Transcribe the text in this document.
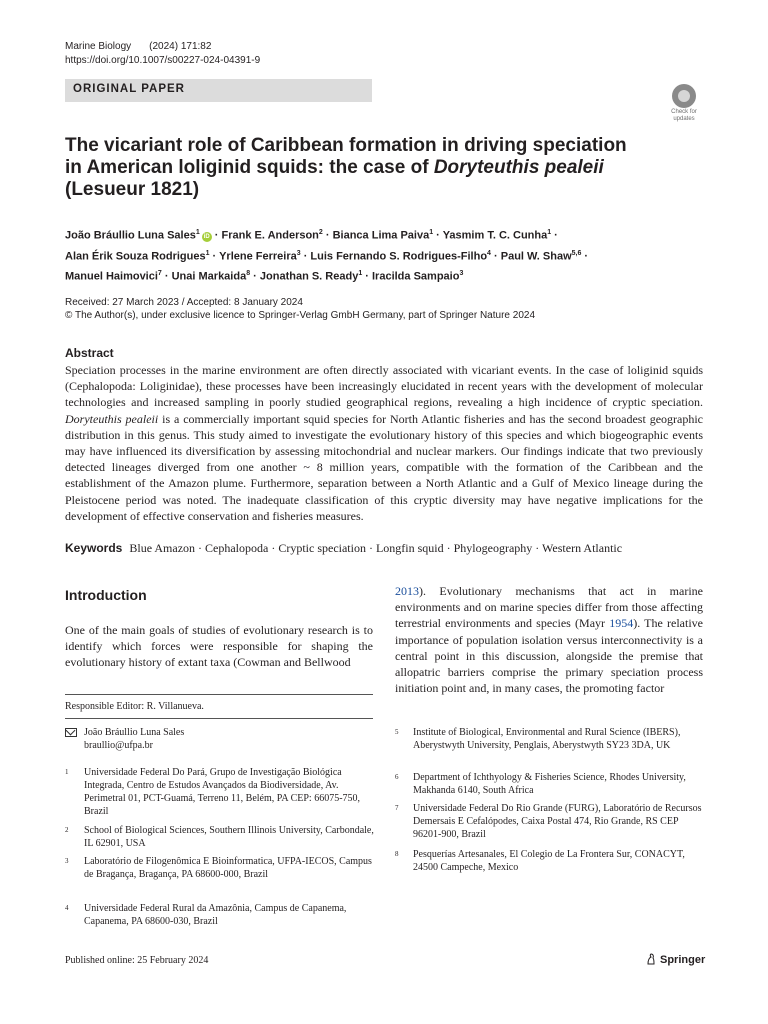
Marine Biology (2024) 171:82
https://doi.org/10.1007/s00227-024-04391-9
ORIGINAL PAPER
Check for
updates
The vicariant role of Caribbean formation in driving speciation in American loliginid squids: the case of Doryteuthis pealeii (Lesueur 1821)
João Bráullio Luna Sales$^1$iD · Frank E. Anderson$^2$ · Bianca Lima Paiva$^1$ · Yasmim T. C. Cunha$^1$ ·
Alan Érik Souza Rodrigues$^1$ · Yrlene Ferreira$^3$ · Luis Fernando S. Rodrigues-Filho$^4$ · Paul W. Shaw$^{5,6}$ ·
Manuel Haimovici$^7$ · Unai Markaida$^8$ · Jonathan S. Ready$^1$ · Iracilda Sampaio$^3$
Received: 27 March 2023 / Accepted: 8 January 2024
© The Author(s), under exclusive licence to Springer-Verlag GmbH Germany, part of Springer Nature 2024
Abstract
Speciation processes in the marine environment are often directly associated with vicariant events. In the case of loliginid squids (Cephalopoda: Loliginidae), these processes have been increasingly elucidated in recent years with the development of molecular technologies and increased sampling in poorly studied geographical regions, revealing a high incidence of cryptic speciation. Doryteuthis pealeii is a commercially important squid species for North Atlantic fisheries and has the second broadest geographic distribution in this genus. This study aimed to investigate the evolutionary history of this species and which biogeographic events may have influenced its diversification by assessing mitochondrial and nuclear markers. Our findings indicate that two previously detected lineages diverged from one another ~ 8 million years, compatible with the formation of the Caribbean and the establishment of the Amazon plume. Furthermore, separation between a North Atlantic and a Gulf of Mexico lineage during the Pleistocene period was noted. The inadequate classification of this cryptic diversity may have negative implications for the development of effective conservation and fisheries measures.
Keywords Blue Amazon · Cephalopoda · Cryptic speciation · Longfin squid · Phylogeography · Western Atlantic
Introduction
One of the main goals of studies of evolutionary research is to identify which forces were responsible for shaping the evolutionary history of extant taxa (Cowman and Bellwood
2013). Evolutionary mechanisms that act in marine environments and on marine species differ from those affecting terrestrial environments and species (Mayr 1954). The relative importance of population isolation versus interconnectivity is a central point in this discussion, alongside the premise that allopatric barriers comprise the primary speciation process initiation point and, in many cases, the promoting factor
Responsible Editor: R. Villanueva.
João Bráullio Luna Sales
braullio@ufpa.br
1 Universidade Federal Do Pará, Grupo de Investigação Biológica Integrada, Centro de Estudos Avançados da Biodiversidade, Av. Perimetral 01, PCT-Guamá, Terreno 11, Belém, PA CEP: 66075-750, Brazil
2 School of Biological Sciences, Southern Illinois University, Carbondale, IL 62901, USA
3 Laboratório de Filogenômica E Bioinformatica, UFPA-IECOS, Campus de Bragança, Bragança, PA 68600-000, Brazil
4 Universidade Federal Rural da Amazônia, Campus de Capanema, Capanema, PA 68600-030, Brazil
5 Institute of Biological, Environmental and Rural Science (IBERS), Aberystwyth University, Penglais, Aberystwyth SY23 3DA, UK
6 Department of Ichthyology & Fisheries Science, Rhodes University, Makhanda 6140, South Africa
7 Universidade Federal Do Rio Grande (FURG), Laboratório de Recursos Demersais E Cefalópodes, Caixa Postal 474, Rio Grande, RS CEP 96201-900, Brazil
8 Pesquerías Artesanales, El Colegio de La Frontera Sur, CONACYT, 24500 Campeche, Mexico
Published online: 25 February 2024	Springer
